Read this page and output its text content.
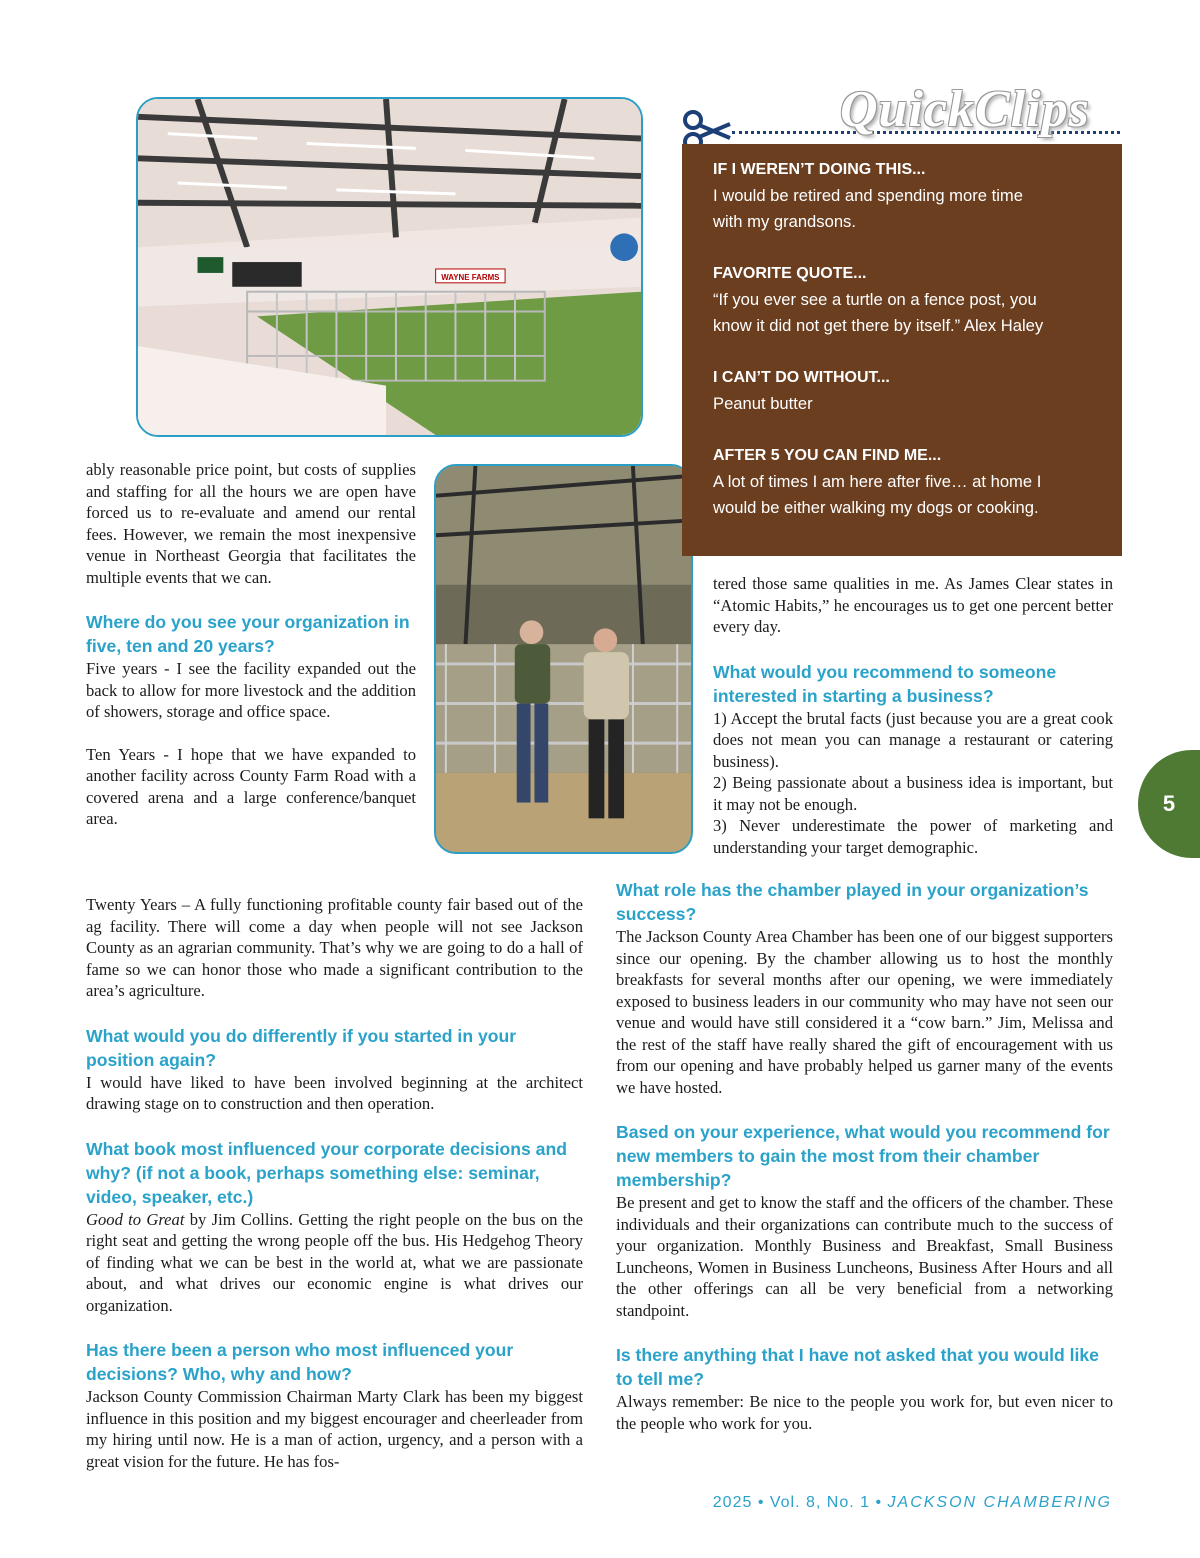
WAYNE FARMS
QuickClips

IF I WEREN’T DOING THIS...

I would be retired and spending more time

with my grandsons.

FAVORITE QUOTE...

“If you ever see a turtle on a fence post, you

know it did not get there by itself.” Alex Haley

I CAN’T DO WITHOUT...

Peanut butter

AFTER 5 YOU CAN FIND ME...

A lot of times I am here after five… at home I

would be either walking my dogs or cooking.

ably reasonable price point, but costs of supplies and staffing for all the hours we are open have forced us to re-evaluate and amend our rental fees. However, we remain the most inexpensive venue in Northeast Georgia that facilitates the multiple events that we can.

Where do you see your organization in five, ten and 20 years?

Five years - I see the facility expanded out the back to allow for more livestock and the addition of showers, storage and office space.

Ten Years - I hope that we have expanded to another facility across County Farm Road with a covered arena and a large conference/banquet area.

Twenty Years – A fully functioning profitable county fair based out of the ag facility. There will come a day when people will not see Jackson County as an agrarian community. That’s why we are going to do a hall of fame so we can honor those who made a significant contribution to the area’s agriculture.

What would you do differently if you started in your position again?

I would have liked to have been involved beginning at the architect drawing stage on to construction and then operation.

What book most influenced your corporate decisions and why? (if not a book, perhaps something else: seminar, video, speaker, etc.)

Good to Great by Jim Collins. Getting the right people on the bus on the right seat and getting the wrong people off the bus. His Hedgehog Theory of finding what we can be best in the world at, what we are passionate about, and what drives our economic engine is what drives our organization.

Has there been a person who most influenced your decisions? Who, why and how?

Jackson County Commission Chairman Marty Clark has been my biggest influence in this position and my biggest encourager and cheerleader from my hiring until now. He is a man of action, urgency, and a person with a great vision for the future. He has fos-

tered those same qualities in me. As James Clear states in “Atomic Habits,” he encourages us to get one percent better every day.

What would you recommend to someone interested in starting a business?

1) Accept the brutal facts (just because you are a great cook does not mean you can manage a restaurant or catering business).

2) Being passionate about a business idea is important, but it may not be enough.

3) Never underestimate the power of marketing and understanding your target demographic.

What role has the chamber played in your organization’s success?

The Jackson County Area Chamber has been one of our biggest supporters since our opening. By the chamber allowing us to host the monthly breakfasts for several months after our opening, we were immediately exposed to business leaders in our community who may have not seen our venue and would have still considered it a “cow barn.” Jim, Melissa and the rest of the staff have really shared the gift of encouragement with us from our opening and have probably helped us garner many of the events we have hosted.

Based on your experience, what would you recommend for new members to gain the most from their chamber membership?

Be present and get to know the staff and the officers of the chamber. These individuals and their organizations can contribute much to the success of your organization. Monthly Business and Breakfast, Small Business Luncheons, Women in Business Luncheons, Business After Hours and all the other offerings can all be very beneficial from a networking standpoint.

Is there anything that I have not asked that you would like to tell me?

Always remember: Be nice to the people you work for, but even nicer to the people who work for you.

5
2025 • Vol. 8, No. 1 • JACKSON CHAMBERING
